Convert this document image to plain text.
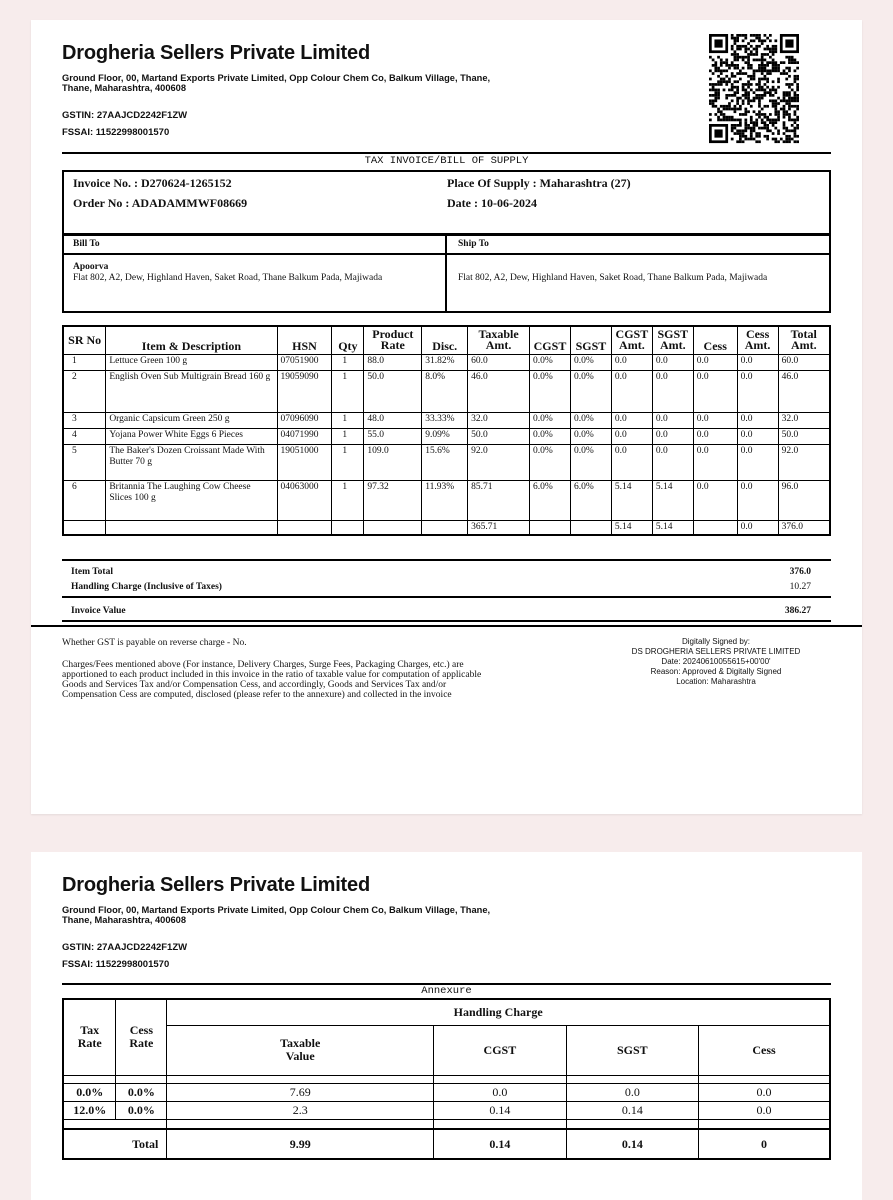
Drogheria Sellers Private Limited
Ground Floor, 00, Martand Exports Private Limited, Opp Colour Chem Co, Balkum Village, Thane, Thane, Maharashtra, 400608
GSTIN: 27AAJCD2242F1ZW
FSSAI: 11522998001570
TAX INVOICE/BILL OF SUPPLY
Invoice No. : D270624-1265152
Order No : ADADAMMWF08669
Place Of Supply : Maharashtra (27)
Date : 10-06-2024
Bill To	Ship To
Apoorva
Flat 802, A2, Dew, Highland Haven, Saket Road, Thane Balkum Pada, Majiwada	Flat 802, A2, Dew, Highland Haven, Saket Road, Thane Balkum Pada, Majiwada
SR No	Item & Description	HSN	Qty	Product Rate	Disc.	Taxable Amt.	CGST	SGST	CGST Amt.	SGST Amt.	Cess	Cess Amt.	Total Amt.
1	Lettuce Green 100 g	07051900	1	88.0	31.82%	60.0	0.0%	0.0%	0.0	0.0	0.0	0.0	60.0
2	English Oven Sub Multigrain Bread 160 g	19059090	1	50.0	8.0%	46.0	0.0%	0.0%	0.0	0.0	0.0	0.0	46.0
3	Organic Capsicum Green 250 g	07096090	1	48.0	33.33%	32.0	0.0%	0.0%	0.0	0.0	0.0	0.0	32.0
4	Yojana Power White Eggs 6 Pieces	04071990	1	55.0	9.09%	50.0	0.0%	0.0%	0.0	0.0	0.0	0.0	50.0
5	The Baker's Dozen Croissant Made With Butter 70 g	19051000	1	109.0	15.6%	92.0	0.0%	0.0%	0.0	0.0	0.0	0.0	92.0
6	Britannia The Laughing Cow Cheese Slices 100 g	04063000	1	97.32	11.93%	85.71	6.0%	6.0%	5.14	5.14	0.0	0.0	96.0
						365.71			5.14	5.14		0.0	376.0
Item Total	376.0
Handling Charge (Inclusive of Taxes)	10.27
Invoice Value	386.27
Whether GST is payable on reverse charge - No.
Charges/Fees mentioned above (For instance, Delivery Charges, Surge Fees, Packaging Charges, etc.) are apportioned to each product included in this invoice in the ratio of taxable value for computation of applicable Goods and Services Tax and/or Compensation Cess, and accordingly, Goods and Services Tax and/or Compensation Cess are computed, disclosed (please refer to the annexure) and collected in the invoice
Digitally Signed by:
DS DROGHERIA SELLERS PRIVATE LIMITED
Date: 20240610055615+00'00'
Reason: Approved & Digitally Signed
Location: Maharashtra
Drogheria Sellers Private Limited
Ground Floor, 00, Martand Exports Private Limited, Opp Colour Chem Co, Balkum Village, Thane, Thane, Maharashtra, 400608
GSTIN: 27AAJCD2242F1ZW
FSSAI: 11522998001570
Annexure
Tax Rate	Cess Rate	Handling Charge			
		Taxable Value	CGST	SGST	Cess

0.0%	0.0%	7.69	0.0	0.0	0.0
12.0%	0.0%	2.3	0.14	0.14	0.0

Total		9.99	0.14	0.14	0
